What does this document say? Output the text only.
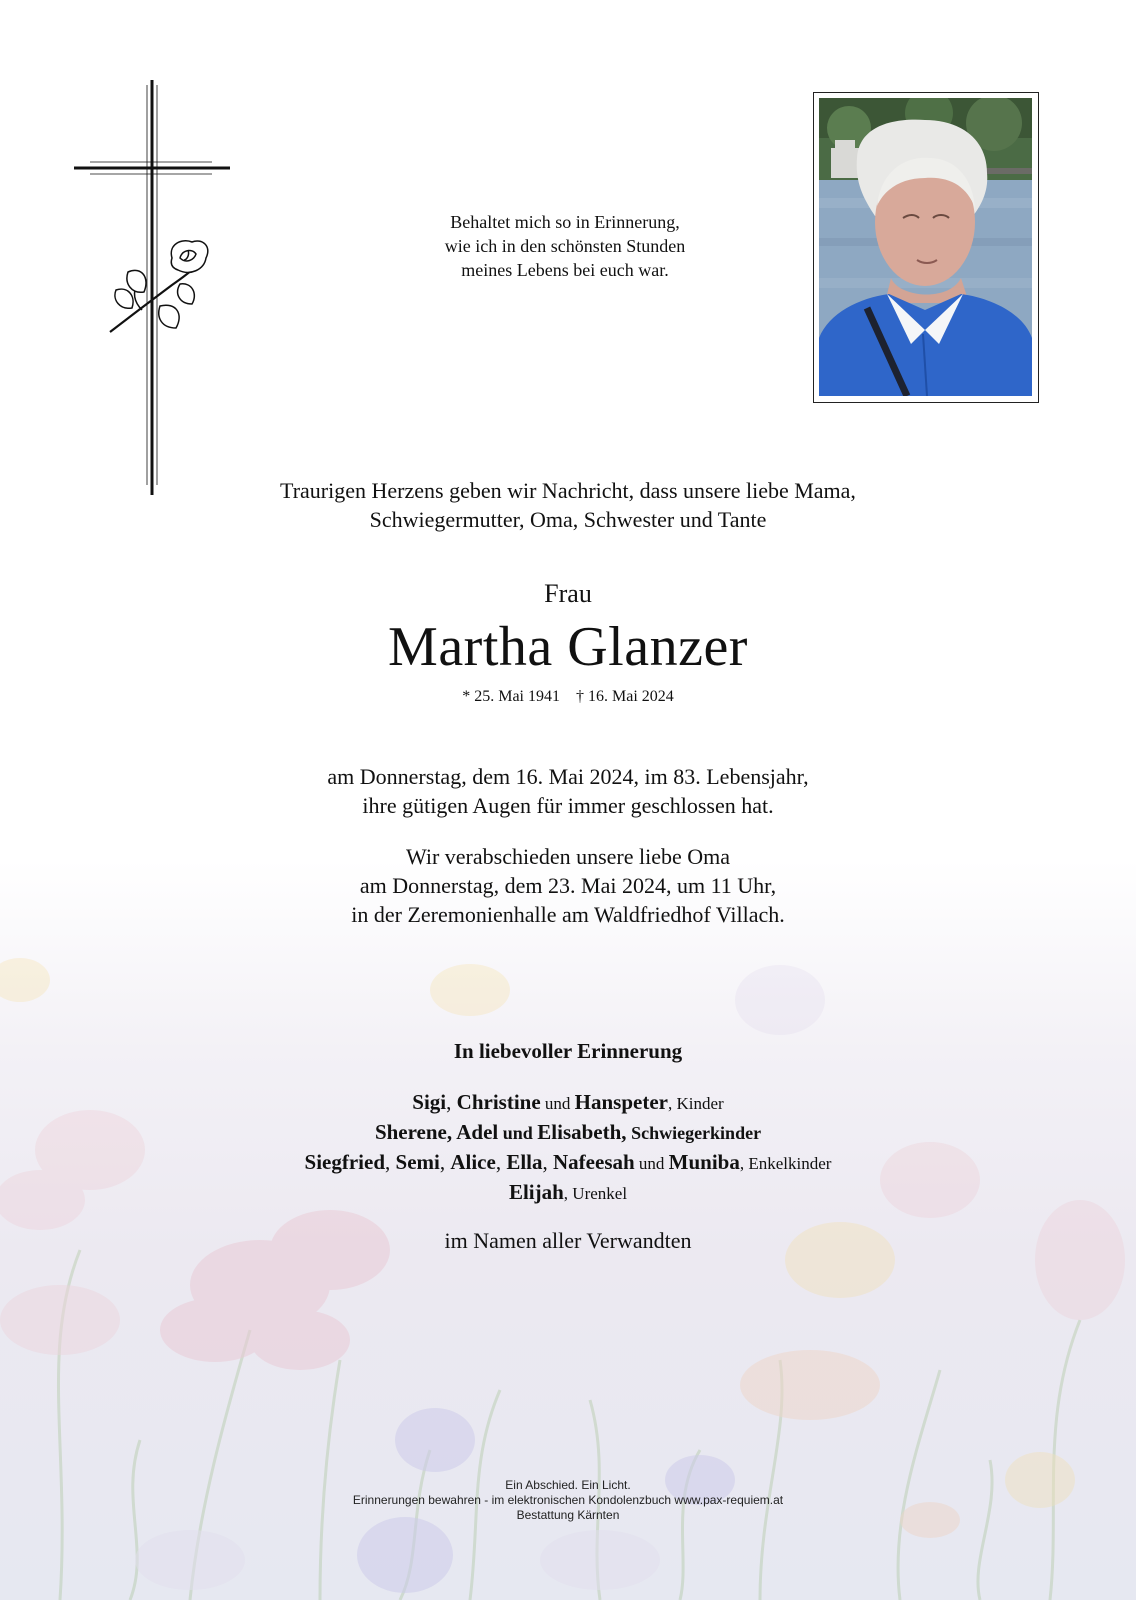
Behaltet mich so in Erinnerung,
wie ich in den schönsten Stunden
meines Lebens bei euch war.
Traurigen Herzens geben wir Nachricht, dass unsere liebe Mama,
Schwiegermutter, Oma, Schwester und Tante
Frau
Martha Glanzer
* 25. Mai 1941 † 16. Mai 2024
am Donnerstag, dem 16. Mai 2024, im 83. Lebensjahr,
ihre gütigen Augen für immer geschlossen hat.
Wir verabschieden unsere liebe Oma
am Donnerstag, dem 23. Mai 2024, um 11 Uhr,
in der Zeremonienhalle am Waldfriedhof Villach.
In liebevoller Erinnerung
Sigi, Christine und Hanspeter, Kinder
Sherene, Adel und Elisabeth, Schwiegerkinder
Siegfried, Semi, Alice, Ella, Nafeesah und Muniba, Enkelkinder
Elijah, Urenkel
im Namen aller Verwandten
Ein Abschied. Ein Licht.
Erinnerungen bewahren - im elektronischen Kondolenzbuch www.pax-requiem.at
Bestattung Kärnten
